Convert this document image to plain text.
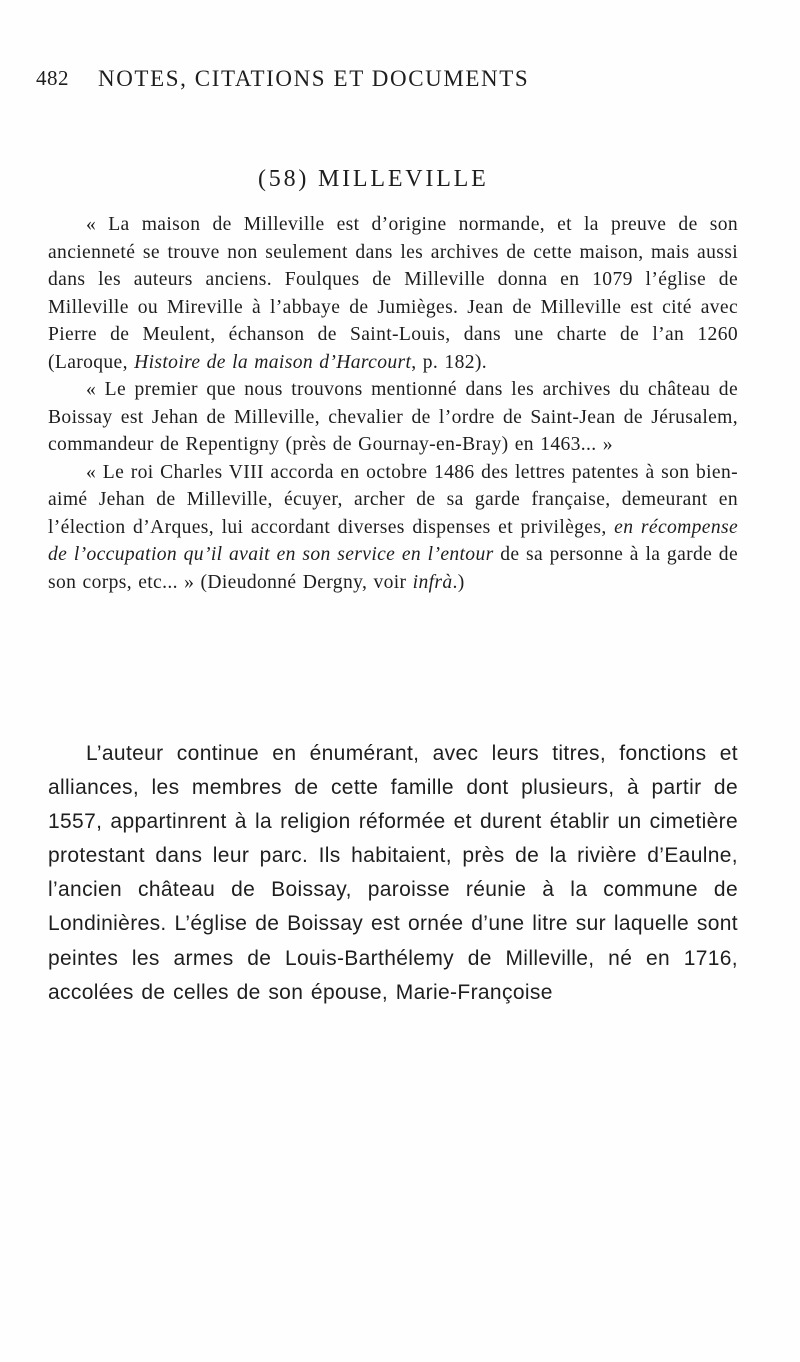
482 NOTES, CITATIONS ET DOCUMENTS
(58) MILLEVILLE

« La maison de Milleville est d’origine normande, et la preuve de son ancienneté se trouve non seulement dans les archives de cette maison, mais aussi dans les auteurs anciens. Foulques de Milleville donna en 1079 l’église de Milleville ou Mireville à l’abbaye de Jumièges. Jean de Milleville est cité avec Pierre de Meulent, échanson de Saint-Louis, dans une charte de l’an 1260 (Laroque, Histoire de la maison d’Harcourt, p. 182).

« Le premier que nous trouvons mentionné dans les archives du château de Boissay est Jehan de Milleville, chevalier de l’ordre de Saint-Jean de Jérusalem, commandeur de Repentigny (près de Gournay-en-Bray) en 1463... »

« Le roi Charles VIII accorda en octobre 1486 des lettres patentes à son bien-aimé Jehan de Milleville, écuyer, archer de sa garde française, demeurant en l’élection d’Arques, lui accordant diverses dispenses et privilèges, en récompense de l’occupation qu’il avait en son service en l’entour de sa personne à la garde de son corps, etc... » (Dieudonné Dergny, voir infrà.)

L’auteur continue en énumérant, avec leurs titres, fonctions et alliances, les membres de cette famille dont plusieurs, à partir de 1557, appartinrent à la religion réformée et durent établir un cimetière protestant dans leur parc. Ils habitaient, près de la rivière d’Eaulne, l’ancien château de Boissay, paroisse réunie à la commune de Londinières. L’église de Boissay est ornée d’une litre sur laquelle sont peintes les armes de Louis-Barthélemy de Milleville, né en 1716, accolées de celles de son épouse, Marie-Françoise
